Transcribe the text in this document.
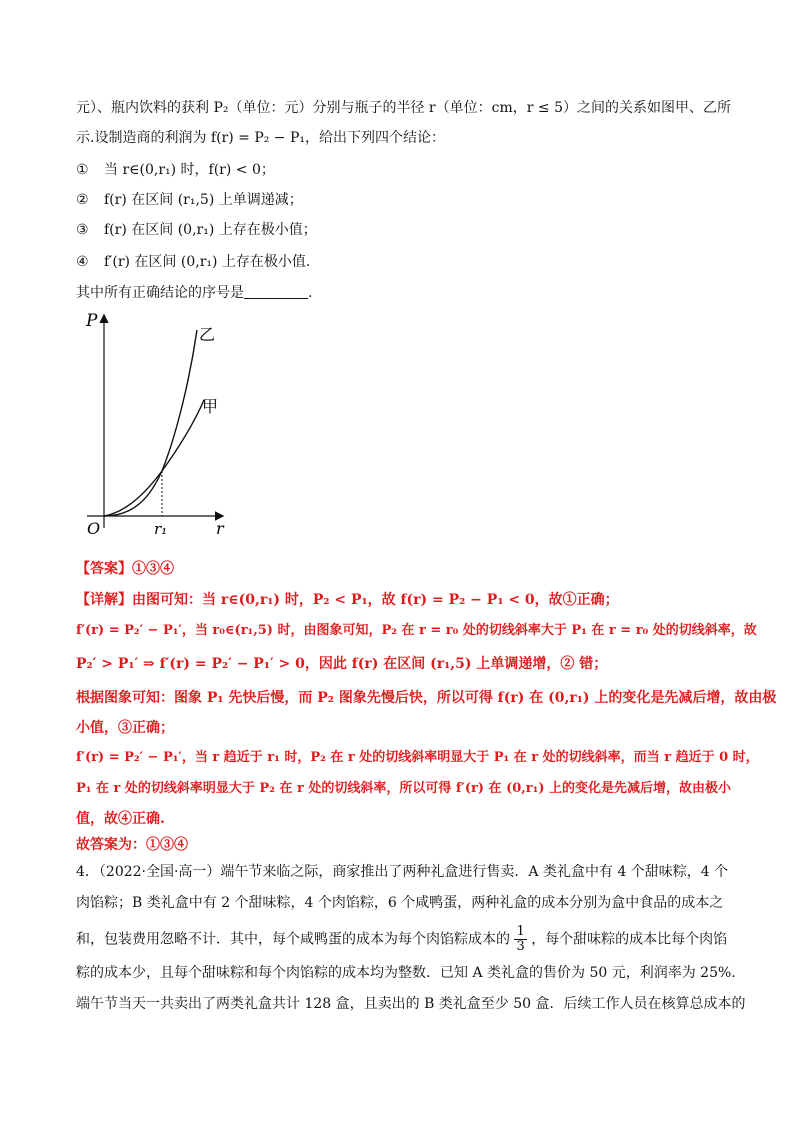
元）、瓶内饮料的获利 P₂（单位：元）分别与瓶子的半径 r（单位：cm，r ≤ 5）之间的关系如图甲、乙所
示.设制造商的利润为 f(r) = P₂ − P₁，给出下列四个结论：
① 当 r∈(0,r₁) 时，f(r) < 0；
② f(r) 在区间 (r₁,5) 上单调递减；
③ f(r) 在区间 (0,r₁) 上存在极小值；
④ f′(r) 在区间 (0,r₁) 上存在极小值.
其中所有正确结论的序号是	.
P
r
O	r₁
乙
甲
【答案】①③④
【详解】由图可知：当 r∈(0,r₁) 时，P₂ < P₁，故 f(r) = P₂ − P₁ < 0，故①正确；
f′(r) = P₂′ − P₁′，当 r₀∈(r₁,5) 时，由图象可知，P₂ 在 r = r₀ 处的切线斜率大于 P₁ 在 r = r₀ 处的切线斜率，故
P₂′ > P₁′ ⇒ f′(r) = P₂′ − P₁′ > 0，因此 f(r) 在区间 (r₁,5) 上单调递增，② 错；
根据图象可知：图象 P₁ 先快后慢，而 P₂ 图象先慢后快，所以可得 f(r) 在 (0,r₁) 上的变化是先减后增，故由极
小值，③正确；
f′(r) = P₂′ − P₁′，当 r 趋近于 r₁ 时，P₂ 在 r 处的切线斜率明显大于 P₁ 在 r 处的切线斜率，而当 r 趋近于 0 时，
P₁ 在 r 处的切线斜率明显大于 P₂ 在 r 处的切线斜率，所以可得 f′(r) 在 (0,r₁) 上的变化是先减后增，故由极小
值，故④正确.
故答案为：①③④
4．（2022·全国·高一）端午节来临之际，商家推出了两种礼盒进行售卖．A 类礼盒中有 4 个甜味粽，4 个
肉馅粽；B 类礼盒中有 2 个甜味粽，4 个肉馅粽，6 个咸鸭蛋，两种礼盒的成本分别为盒中食品的成本之
和，包装费用忽略不计．其中，每个咸鸭蛋的成本为每个肉馅粽成本的 $\frac{1}{3}$ ，每个甜味粽的成本比每个肉馅
粽的成本少，且每个甜味粽和每个肉馅粽的成本均为整数．已知 A 类礼盒的售价为 50 元，利润率为 25%.
端午节当天一共卖出了两类礼盒共计 128 盒，且卖出的 B 类礼盒至少 50 盒．后续工作人员在核算总成本的
